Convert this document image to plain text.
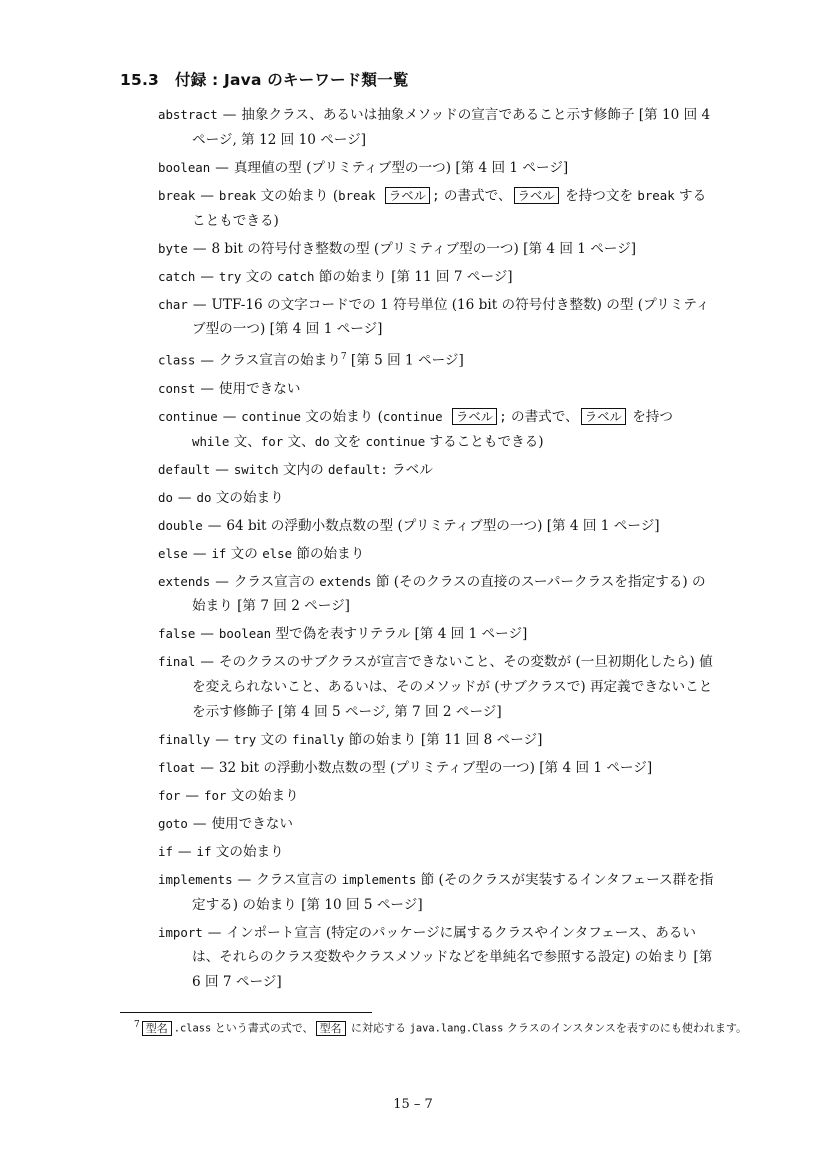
15.3 付録 : Java のキーワード類一覧
abstract — 抽象クラス、あるいは抽象メソッドの宣言であること示す修飾子 [第 10 回 4 ページ, 第 12 回 10 ページ]
boolean — 真理値の型 (プリミティブ型の一つ) [第 4 回 1 ページ]
break — break 文の始まり (break ラベル ; の書式で、 ラベル を持つ文を break することもできる)
byte — 8 bit の符号付き整数の型 (プリミティブ型の一つ) [第 4 回 1 ページ]
catch — try 文の catch 節の始まり [第 11 回 7 ページ]
char — UTF-16 の文字コードでの 1 符号単位 (16 bit の符号付き整数) の型 (プリミティブ型の一つ) [第 4 回 1 ページ]
class — クラス宣言の始まり$^7$ [第 5 回 1 ページ]
const — 使用できない
continue — continue 文の始まり (continue ラベル ; の書式で、 ラベル を持つ while 文、for 文、do 文を continue することもできる)
default — switch 文内の default: ラベル
do — do 文の始まり
double — 64 bit の浮動小数点数の型 (プリミティブ型の一つ) [第 4 回 1 ページ]
else — if 文の else 節の始まり
extends — クラス宣言の extends 節 (そのクラスの直接のスーパークラスを指定する) の始まり [第 7 回 2 ページ]
false — boolean 型で偽を表すリテラル [第 4 回 1 ページ]
final — そのクラスのサブクラスが宣言できないこと、その変数が (一旦初期化したら) 値を変えられないこと、あるいは、そのメソッドが (サブクラスで) 再定義できないことを示す修飾子 [第 4 回 5 ページ, 第 7 回 2 ページ]
finally — try 文の finally 節の始まり [第 11 回 8 ページ]
float — 32 bit の浮動小数点数の型 (プリミティブ型の一つ) [第 4 回 1 ページ]
for — for 文の始まり
goto — 使用できない
if — if 文の始まり
implements — クラス宣言の implements 節 (そのクラスが実装するインタフェース群を指定する) の始まり [第 10 回 5 ページ]
import — インポート宣言 (特定のパッケージに属するクラスやインタフェース、あるいは、それらのクラス変数やクラスメソッドなどを単純名で参照する設定) の始まり [第 6 回 7 ページ]
$^7$ 型名 .class という書式の式で、 型名 に対応する java.lang.Class クラスのインスタンスを表すのにも使われます。
15 – 7
